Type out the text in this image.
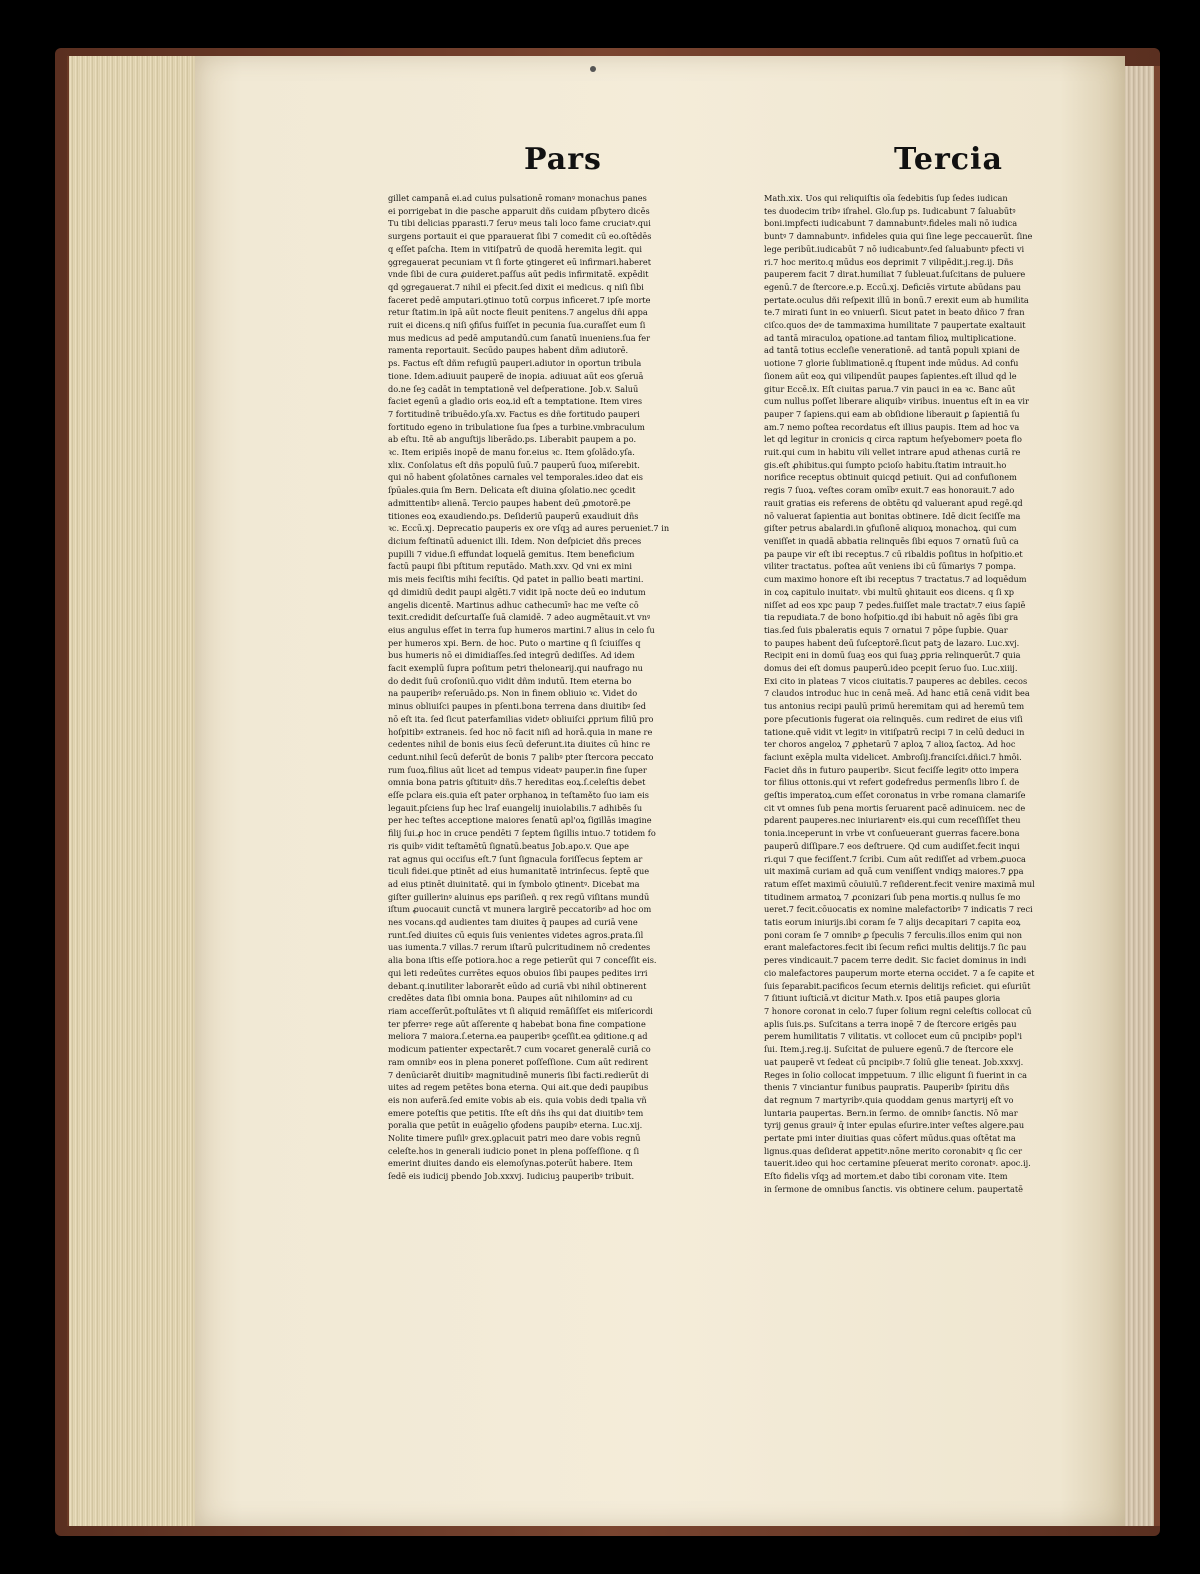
Pars	Tercia
gillet campanā ei.ad cuius pulsationē romanꝰ monachus panes
ei porrigebat in die pasche apparuit dñs cuidam pſbytero dicēs
Tu tibi delicias pparasti.7 ſeruꝰ meus tali loco fame cruciatꝰ.qui
surgens portauit ei que pparauerat ſibi 7 comedit cū eo.oſtēdēs
q eſſet paſcha. Item in vitiſpatrū de quodā heremita legit. qui
ꝯgregauerat pecuniam vt ſi forte ꝯtingeret eū infirmari.haberet
vnde ſibi de cura ꝓuideret.paſſus aūt pedis infirmitatē. expēdit
qd ꝯgregauerat.7 nihil ei pfecit.ſed dixit ei medicus. q niſi ſibi
faceret pedē amputari.ꝯtinuo totū corpus inficeret.7 ipſe morte
retur ſtatim.in ipā aūt nocte fleuit penitens.7 angelus dñi appa
ruit ei dicens.q niſi ꝯfiſus fuiſſet in pecunia ſua.curaſſet eum ſi
mus medicus ad pedē amputandū.cum ſanatū inueniens.ſua fer
ramenta reportauit. Secūdo paupes habent dñm adiutorē.
ps. Factus eſt dñm refugiū pauperi.adiutor in oportun tribula
tione. Idem.adiuuit pauperē de inopia. adiuuat aūt eos ꝯſeruā
do.ne ſeꝫ cadāt in temptationē vel deſperatione. Job.v. Saluū
faciet egenū a gladio oris eoꝝ.id eſt a temptatione. Item vires
7 fortitudinē tribuēdo.yſa.xv. Factus es dñe fortitudo pauperi
fortitudo egeno in tribulatione ſua ſpes a turbine.vmbraculum
ab eſtu. Itē ab anguſtijs liberādo.ps. Liberabit paupem a po.
ꝛc. Item eripiēs inopē de manu for.eius ꝛc. Item ꝯſolādo.yſa.
xlix. Conſolatus eſt dñs populū ſuū.7 pauperū ſuoꝝ miſerebit.
qui nō habent ꝯſolatōnes carnales vel temporales.ideo dat eis
ſpūales.quia ſm Bern. Delicata eſt diuina ꝯſolatio.nec ꝯcedit
admittentibꝰ alienā. Tercio paupes habent deū ꝓmotorē.pe
titiones eoꝝ exaudiendo.ps. Deſideriū pauperū exaudiuit dñs
ꝛc. Eccū.xj. Deprecatio pauperis ex ore vſqꝫ ad aures perueniet.7 in
dicium feſtinatū aduenict illi. Idem. Non deſpiciet dñs preces
pupilli 7 vidue.ſi effundat loquelā gemitus. Item beneficium
factū paupi ſibi pſtitum reputādo. Math.xxv. Qd vni ex mini
mis meis feciſtis mihi feciſtis. Qd patet in pallio beati martini.
qd dimidiū dedit paupi algēti.7 vidit ipā nocte deū eo indutum
angelis dicentē. Martinus adhuc cathecumīꝰ hac me veſte cō
texit.credidit deſcurtaſſe ſuā clamidē. 7 adeo augmētauit.vt vnꝰ
eius angulus eſſet in terra ſup humeros martini.7 alius in celo ſu
per humeros xpi. Bern. de hoc. Puto o martine q ſi ſciuiſſes q
bus humeris nō ei dimidiaſſes.ſed integrū dediſſes. Ad idem
facit exemplū ſupra poſitum petri thelonearij.qui naufrago nu
do dedit ſuū croſoniū.quo vidit dñm indutū. Item eterna bo
na pauperibꝰ reſeruādo.ps. Non in finem obliuio ꝛc. Videt do
minus obliuiſci paupes in pſenti.bona terrena dans diuitibꝰ ſed
nō eſt ita. ſed ſicut paterfamilias videtꝰ obliuiſci ꝓprium filiū pro
hoſpitibꝰ extraneis. ſed hoc nō facit niſi ad horā.quia in mane re
cedentes nihil de bonis eius ſecū deferunt.ita diuites cū hinc re
cedunt.nihil ſecū deferūt de bonis 7 palibꝰ pter ſtercora peccato
rum ſuoꝝ.filius aūt licet ad tempus videatꝰ pauper.in fine ſuper
omnia bona patris ꝯſtituitꝰ dñs.7 hereditas eoꝝ.ſ.celeſtis debet
eſſe pclara eis.quia eſt pater orphanoꝝ in teſtaměto ſuo iam eis
legauit.pſciens ſup hec lraſ euangelij inuiolabilis.7 adhibēs ſu
per hec teſtes acceptione maiores ſenatū apl'oꝝ ſigillās imagine
filij ſui.ꝓ hoc in cruce pendēti 7 ſeptem ſigillis intuo.7 totidem fo
ris quibꝰ vidit teſtamētū ſignatū.beatus Job.apo.v. Que ape
rat agnus qui occiſus eſt.7 ſunt ſignacula foriſſecus ſeptem ar
ticuli fidei.que ptinēt ad eius humanitatē intrinſecus. ſeptē que
ad eius ptinēt diuinitatē. qui in ſymbolo ꝯtinentꝰ. Dicebat ma
giſter guillerinꝰ aluinus eps pariſieñ. q rex regū viſitans mundū
iſtum ꝓuocauit cunctā vt munera largirē peccatoribꝰ ad hoc om
nes vocans.qd audientes tam diuites q̄ paupes ad curiā vene
runt.ſed diuites cū equis ſuis venientes videtes agros.ꝑrata.ſil
uas iumenta.7 villas.7 rerum iſtarū pulcritudinem nō credentes
alia bona iſtis eſſe potiora.hoc a rege petierūt qui 7 conceſſit eis.
qui leti redeūtes currētes equos obuios ſibi paupes pedites irri
debant.q.inutiliter laborarēt eūdo ad curiā vbi nihil obtinerent
credētes data ſibi omnia bona. Paupes aūt nihilominꝰ ad cu
riam acceſſerūt.poſtulātes vt ſi aliquid remāſiſſet eis miſericordi
ter pferreꝰ rege aūt aſſerente q habebat bona fine compatione
meliora 7 maiora.ſ.eterna.ea pauperibꝰ ꝯceſſit.ea ꝯditione.q ad
modicum patienter expectarēt.7 cum vocaret generalē curiā co
ram omnibꝰ eos in plena poneret poſſeſſione. Cum aūt redirent
7 denūciarēt diuitibꝰ magnitudinē muneris ſibi facti.redierūt di
uites ad regem petētes bona eterna. Qui ait.que dedi paupibus
eis non auferā.ſed emite vobis ab eis. quia vobis dedi tpalia vñ
emere poteſtis que petitis. Iſte eſt dñs ihs qui dat diuitibꝰ tem
poralia que petūt in euāgelio ꝯfodens paupibꝰ eterna. Luc.xij.
Nolite timere puſilꝰ grex.ꝯplacuit patri meo dare vobis regnū
celeſte.hos in generali iudicio ponet in plena poſſeſſione. q ſi
emerint diuites dando eis elemoſynas.poterūt habere. Item
ſedē eis iudicij pbendo Job.xxxvj. Iudiciuꝫ pauperibꝰ tribuit.
Math.xix. Uos qui reliquiſtis oīa ſedebitis ſup ſedes iudican
tes duodecim tribꝰ iſrahel. Glo.ſup ps. Iudicabunt 7 ſaluabūtꝰ
boni.impfecti iudicabunt 7 damnabuntꝰ.fideles mali nō iudica
buntꝰ 7 damnabuntꝰ. infideles quia qui ſine lege peccauerūt. ſine
lege peribūt.iudicabūt 7 nō iudicabuntꝰ.ſed ſaluabuntꝰ pfecti vi
ri.7 hoc merito.q mūdus eos deprimit 7 vilipēdit.j.reg.ij. Dñs
pauperem facit 7 dirat.humiliat 7 ſubleuat.ſuſcitans de puluere
egenū.7 de ſtercore.e.p. Eccū.xj. Deficiēs virtute abūdans pau
pertate.oculus dñi reſpexit illū in bonū.7 erexit eum ab humilita
te.7 mirati ſunt in eo vniuerſi. Sicut patet in beato dñico 7 fran
ciſco.quos deꝰ de tammaxima humilitate 7 paupertate exaltauit
ad tantā miraculoꝝ opatione.ad tantam filioꝝ multiplicatione.
ad tantā totius eccleſie venerationē. ad tantā populi xpiani de
uotione 7 glorie ſublimationē.q ſtupent inde mūdus. Ad confu
ſionem aūt eoꝝ qui vilipendūt paupes ſapientes.eſt illud qd le
gitur Eccē.ix. Eſt ciuitas parua.7 vin pauci in ea ꝛc. Banc aūt
cum nullus poſſet liberare aliquibꝰ viribus. inuentus eſt in ea vir
pauper 7 ſapiens.qui eam ab obſidione liberauit ꝑ ſapientiā ſu
am.7 nemo poſtea recordatus eſt illius paupis. Item ad hoc va
let qd legitur in cronicis q circa raptum heſyebomerꝰ poeta flo
ruit.qui cum in habitu vili vellet intrare apud athenas curiā re
gis.eſt ꝓhibitus.qui ſumpto pcioſo habitu.ſtatim intrauit.ho
norifice receptus obtinuit quicqd petiuit. Qui ad confuſionem
regis 7 ſuoꝝ. veſtes coram omībꝰ exuit.7 eas honorauit.7 ado
rauit gratias eis referens de obtētu qd valuerant apud regē.qd
nō valuerat ſapientia aut bonitas obtinere. Idē dicit ſeciſſe ma
giſter petrus abalardi.in ꝯfuſionē aliquoꝝ monachoꝝ. qui cum
veniſſet in quadā abbatia relinquēs ſibi equos 7 ornatū ſuū ca
pa paupe vir eſt ibi receptus.7 cū ribaldis poſitus in hoſpitio.et
viliter tractatus. poſtea aūt veniens ibi cū ſūmariys 7 pompa.
cum maximo honore eſt ibi receptus 7 tractatus.7 ad loquēdum
in coꝝ capitulo inuitatꝰ. vbi multū ꝯhitauit eos dicens. q ſi xp
niſſet ad eos xpc paup 7 pedes.fuiſſet male tractatꝰ.7 eius ſapiē
tia repudiata.7 de bono hoſpitio.qd ibi habuit nō agēs ſibi gra
tias.ſed ſuis pbaleratis equis 7 ornatui 7 pōpe ſupbie. Quar
to paupes habent deū ſuſceptorē.ſicut patꝫ de lazaro. Luc.xvj.
Recipit eni in domū ſuaꝫ eos qui ſuaꝫ ꝓpria relinquerūt.7 quia
domus dei eſt domus pauperū.ideo pcepit ſeruo ſuo. Luc.xiiij.
Exi cito in plateas 7 vicos ciuitatis.7 pauperes ac debiles. cecos
7 claudos introduc huc in cenā meā. Ad hanc etiā cenā vidit bea
tus antonius recipi paulū primū heremitam qui ad heremū tem
pore pſecutionis fugerat oia relinquēs. cum rediret de eius viſi
tatione.quē vidit vt legitꝰ in vitiſpatrū recipi 7 in celū deduci in
ter choros angeloꝝ 7 ꝓphetarū 7 aploꝝ 7 alioꝝ ſactoꝝ. Ad hoc
faciunt exēpla multa videlicet. Ambroſij.franciſci.dñici.7 hmōi.
Faciet dñs in futuro pauperibꝰ. Sicut feciſſe legitꝰ otto impera
tor filius ottonis.qui vt refert godefredus permenſis libro ſ. de
geſtis imperatoꝝ.cum eſſet coronatus in vrbe romana clamariſe
cit vt omnes ſub pena mortis ſeruarent pacē adinuicem. nec de
pdarent pauperes.nec iniuriarentꝰ eis.qui cum receſſiſſet theu
tonia.inceperunt in vrbe vt conſueuerant guerras facere.bona
pauperū diſſipare.7 eos deſtruere. Qd cum audiſſet.fecit inqui
ri.qui 7 que feciſſent.7 ſcribi. Cum aūt rediſſet ad vrbem.ꝓuoca
uit maximā curiam ad quā cum veniſſent vndiqꝫ maiores.7 ꝑpa
ratum eſſet maximū cōuiuiū.7 reſiderent.fecit venire maximā mul
titudinem armatoꝝ 7 ꝓconizari ſub pena mortis.q nullus ſe mo
ueret.7 fecit.cōuocatis ex nomine malefactoribꝰ 7 indicatis 7 reci
tatis eorum iniurijs.ibi coram ſe 7 alijs decapitari 7 capita eoꝝ
poni coram ſe 7 omnibꝰ ꝓ ſpeculis 7 ferculis.illos enim qui non
erant malefactores.fecit ibi ſecum refici multis delitijs.7 ſic pau
peres vindicauit.7 pacem terre dedit. Sic faciet dominus in indi
cio malefactores pauperum morte eterna occidet. 7 a ſe capite et
ſuis ſeparabit.pacificos ſecum eternis delitijs reficiet. qui eſuriūt
7 ſitiunt iuſticiā.vt dicitur Math.v. Ipos etiā paupes gloria
7 honore coronat in celo.7 ſuper ſolium regni celeſtis collocat cū
aplis ſuis.ps. Suſcitans a terra inopē 7 de ſtercore erigēs pau
perem humilitatis 7 vilitatis. vt collocet eum cū pncipibꝰ popl'i
ſui. Item.j.reg.ij. Suſcitat de puluere egenū.7 de ſtercore ele
uat pauperē vt ſedeat cū pncipibꝰ.7 ſoliū glie teneat. Job.xxxvj.
Reges in ſolio collocat imppetuum. 7 illic eligunt ſi fuerint in ca
thenis 7 vinciantur funibus paupratis. Pauperibꝰ ſpiritu dñs
dat regnum 7 martyribꝰ.quia quoddam genus martyrij eſt vo
luntaria paupertas. Bern.in ſermo. de omnibꝰ ſanctis. Nō mar
tyrij genus grauiꝰ q̄ inter epulas eſurire.inter veſtes algere.pau
pertate pmi inter diuitias quas cōfert mūdus.quas oſtētat ma
lignus.quas deſiderat appetitꝰ.nōne merito coronabitꝰ q ſic cer
tauerit.ideo qui hoc certamine pſeuerat merito coronatꝰ. apoc.ij.
Eſto fidelis vſqꝫ ad mortem.et dabo tibi coronam vite. Item
in ſermone de omnibus ſanctis. vis obtinere celum. paupertatē
